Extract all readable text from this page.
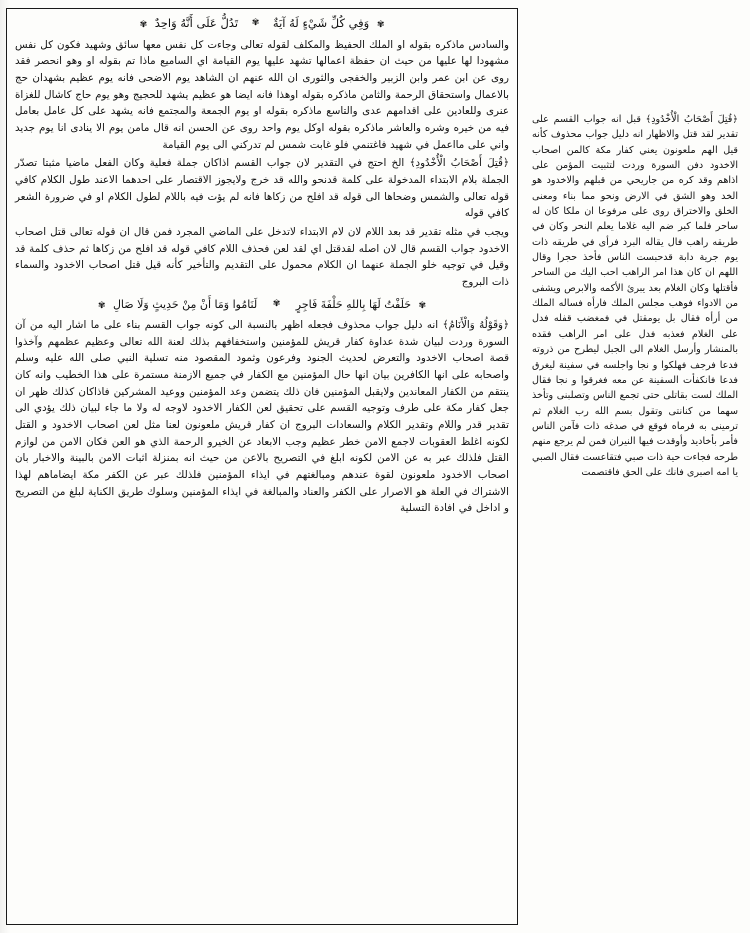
✾ وَفِي كُلِّ شَيْءٍ لَهُ آيَةٌ ✾ تَدُلُّ عَلَى أَنَّهُ وَاحِدٌ ✾

والسادس ماذكره بقوله او الملك الحفيظ والمكلف لقوله تعالى وجاءت كل نفس معها سائق وشهيد فكون كل نفس مشهودا لها عليها من حيث ان حفظة اعمالها تشهد عليها يوم القيامة اي الساميع ماذا تم بقوله او وهو انحصر فقد روى عن ابن عمر وابن الزبير والخفجى والثورى ان الله عنهم ان الشاهد يوم الاضحى فانه يوم عظيم بشهدان حج بالاعمال واستحقاق الرحمة والثامن ماذكره بقوله اوهذا فانه ايضا هو عظيم يشهد للحجيج وهو يوم حاج كاشال للغزاة عنرى وللعادين على اقدامهم عدى والتاسع ماذكره بقوله او يوم الجمعة والمجتمع فانه يشهد على كل عامل بعامل فيه من خيره وشره والعاشر ماذكره بقوله اوكل يوم واحد روى عن الحسن انه قال مامن يوم الا ينادى انا يوم جديد واني على مااعمل في شهيد فاغتنمي فلو غابت شمس لم تدركني الى يوم القيامة

﴿قُتِلَ أَصْحَابُ الْأُخْدُودِ﴾ الخ احتج في التقدير لان جواب القسم اذاكان جملة فعلية وكان الفعل ماضيا مثبتا تصدّر الجملة بلام الابتداء المدخولة على كلمة قدنحو والله قد خرج ولايجوز الاقتصار على احدهما الاعند طول الكلام كافي قوله تعالى والشمس وضحاها الى قوله قد افلح من زكاها فانه لم يؤت فيه باللام لطول الكلام او في ضرورة الشعر كافي قوله

ويجب في مثله تقدير قد بعد اللام لان لام الابتداء لاتدخل على الماضي المجرد فمن قال ان قوله تعالى قتل اصحاب الاخدود جواب القسم قال لان اصله لقدقتل اي لقد لعن فحذف اللام كافي قوله قد افلح من زكاها ثم حذف كلمة قد وقيل في توجيه خلو الجملة عنهما ان الكلام محمول على التقديم والتأخير كأنه قيل قتل اصحاب الاخدود والسماء ذات البروج

✾ حَلَفْتُ لَهَا بِاللهِ حَلْفَةَ فَاجِرٍ ✾ لَنَامُوا وَمَا أَنْ مِنْ حَدِيثٍ وَلَا صَالِ ✾

﴿وَقَوْلُهُ وَالْأَنَامُ﴾ انه دليل جواب محذوف فجعله اظهر بالنسبة الى كونه جواب القسم بناء على ما اشار اليه من آن السورة وردت لبيان شدة عداوة كفار قريش للمؤمنين واستخفافهم بذلك لعنة الله تعالى وعظيم عظمهم وآخذوا قصة اصحاب الاخدود والتعرض لحديث الجنود وفرعون وثمود المقصود منه تسلية النبي صلى الله عليه وسلم واصحابه على انها الكافرين بيان انها حال المؤمنين مع الكفار في جميع الازمنة مستمرة على هذا الخطيب وانه كان ينتقم من الكفار المعاندين ولايقبل المؤمنين فان ذلك يتضمن وعد المؤمنين ووعيد المشركين فاذاكان كذلك ظهر ان جعل كفار مكة على طرف وتوجيه القسم على تحقيق لعن الكفار الاخدود لاوجه له ولا ما جاء لبيان ذلك يؤدي الى تقدير قدر واللام وتقدير الكلام والسعادات البروج ان كفار قريش ملعونون لعنا مثل لعن اصحاب الاخدود و القتل لكونه اغلظ العقوبات لاجمع الامن خطر عظيم وجب الابعاد عن الخيرو الرحمة الذي هو العن فكان الامن من لوازم القتل فلذلك عبر به عن الامن لكونه ابلغ في التصريح بالاعن من حيث انه بمنزلة اثبات الامن بالبينة والاخبار بان اصحاب الاخدود ملعونون لقوة عندهم ومبالغتهم في ايذاء المؤمنين فلذلك عبر عن الكفر مكة ايضاماهم لهذا الاشتراك في العلة هو الاصرار على الكفر والعناد والمبالغة في ايذاء المؤمنين وسلوك طريق الكناية لبلغ من التصريح و اداخل في افادة التسلية

﴿قُتِلَ أَصْحَابُ الْأُخْدُودِ﴾ قبل انه جواب القسم على تقدير لقد قتل والاظهار انه دليل جواب محذوف كأنه قيل الهم ملعونون يعني كفار مكة كالمن اصحاب الاخدود دفن السورة وردت لتثبيت المؤمن على اذاهم وقد كره من جاريحي من قبلهم والاخدود هو الخد وهو الشق في الارض ونحو مما بناء ومعنى الخلق والاختراق روى على مرفوعا ان ملكا كان له ساحر فلما كبر ضم اليه غلاما يعلم النحر وكان في طريقه راهب فال يقاله البرد فرأى في طريقه ذات يوم جرية دابة قدحبست الناس فأخذ حجرا وقال اللهم ان كان هذا امر الراهب احب اليك من الساحر فأقتلها وكان الغلام بعد يبرئ الأكمه والابرص ويشفى من الادواء فوهب مجلس الملك فارأه فساله الملك من أرأه فقال بل يومقتل في فمغضب قفله فدل على الغلام فعذبه فدل على امر الراهب فقده بالمنشار وأرسل الغلام الى الجبل ليطرح من ذروته فدعا فرجف فهلكوا و نجا واجلسه في سفينة ليغرق فدعا فانكفأت السفينة عن معه فغرقوا و نجا فقال الملك لست بقاتلى حتى تجمع الناس وتصلبنى وتأخذ سهما من كنانتى وتقول بسم الله رب الغلام ثم ترمينى به فرماه فوقع في صدغه ذات فآمن الناس فأمر بأخاديد وأوقدت فيها النيران فمن لم يرجع منهم طرحه فجاءت حية ذات صبي فتقاعست فقال الصبي يا امه اصبرى فانك على الحق فاقتصمت
